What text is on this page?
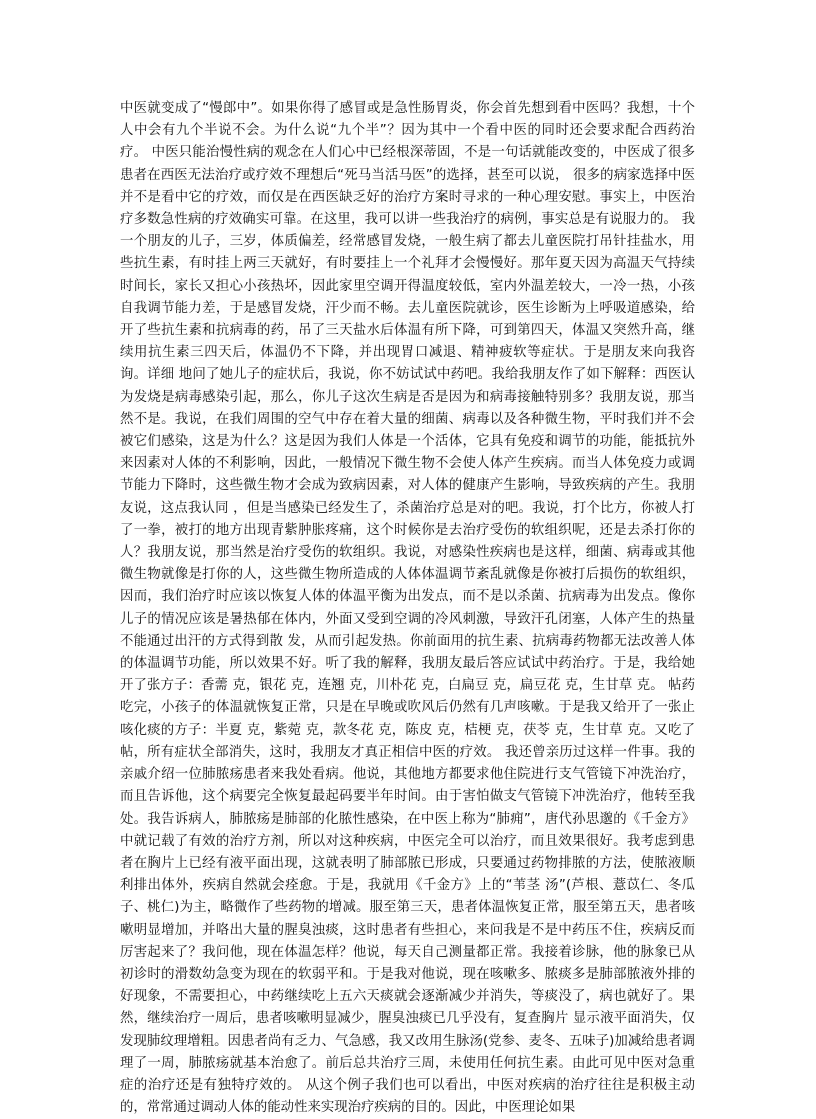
中医就变成了“慢郎中”。如果你得了感冒或是急性肠胃炎，你会首先想到看中医吗？我想，十个人中会有九个半说不会。为什么说“九个半”？因为其中一个看中医的同时还会要求配合西药治疗。 中医只能治慢性病的观念在人们心中已经根深蒂固，不是一句话就能改变的，中医成了很多患者在西医无法治疗或疗效不理想后“死马当活马医”的选择，甚至可以说， 很多的病家选择中医并不是看中它的疗效，而仅是在西医缺乏好的治疗方案时寻求的一种心理安慰。事实上，中医治疗多数急性病的疗效确实可靠。在这里，我可以讲一些我治疗的病例，事实总是有说服力的。 我一个朋友的儿子，三岁，体质偏差，经常感冒发烧，一般生病了都去儿童医院打吊针挂盐水，用些抗生素，有时挂上两三天就好，有时要挂上一个礼拜才会慢慢好。那年夏天因为高温天气持续时间长，家长又担心小孩热坏，因此家里空调开得温度较低，室内外温差较大，一冷一热，小孩自我调节能力差，于是感冒发烧，汗少而不畅。去儿童医院就诊，医生诊断为上呼吸道感染，给开了些抗生素和抗病毒的药，吊了三天盐水后体温有所下降，可到第四天，体温又突然升高，继续用抗生素三四天后，体温仍不下降，并出现胃口减退、精神疲软等症状。于是朋友来向我咨询。详细 地问了她儿子的症状后，我说，你不妨试试中药吧。我给我朋友作了如下解释：西医认为发烧是病毒感染引起，那么，你儿子这次生病是否是因为和病毒接触特别多？我朋友说，那当然不是。我说，在我们周围的空气中存在着大量的细菌、病毒以及各种微生物，平时我们并不会被它们感染，这是为什么？这是因为我们人体是一个活体，它具有免疫和调节的功能，能抵抗外来因素对人体的不利影响，因此，一般情况下微生物不会使人体产生疾病。而当人体免疫力或调节能力下降时，这些微生物才会成为致病因素，对人体的健康产生影响，导致疾病的产生。我朋友说，这点我认同 ，但是当感染已经发生了，杀菌治疗总是对的吧。我说，打个比方，你被人打了一拳，被打的地方出现青紫肿胀疼痛，这个时候你是去治疗受伤的软组织呢，还是去杀打你的人？我朋友说，那当然是治疗受伤的软组织。我说，对感染性疾病也是这样，细菌、病毒或其他微生物就像是打你的人，这些微生物所造成的人体体温调节紊乱就像是你被打后损伤的软组织，因而，我们治疗时应该以恢复人体的体温平衡为出发点，而不是以杀菌、抗病毒为出发点。像你儿子的情况应该是暑热郁在体内，外面又受到空调的冷风刺激，导致汗孔闭塞，人体产生的热量不能通过出汗的方式得到散 发，从而引起发热。你前面用的抗生素、抗病毒药物都无法改善人体的体温调节功能，所以效果不好。听了我的解释，我朋友最后答应试试中药治疗。于是，我给她开了张方子：香薷 克，银花 克，连翘 克，川朴花 克，白扁豆 克，扁豆花 克，生甘草 克。 帖药吃完，小孩子的体温就恢复正常，只是在早晚或吹风后仍然有几声咳嗽。于是我又给开了一张止咳化痰的方子：半夏 克，紫菀 克，款冬花 克，陈皮 克，桔梗 克，茯苓 克，生甘草 克。又吃了 帖，所有症状全部消失，这时，我朋友才真正相信中医的疗效。 我还曾亲历过这样一件事。我的亲戚介绍一位肺脓疡患者来我处看病。他说，其他地方都要求他住院进行支气管镜下冲洗治疗，而且告诉他，这个病要完全恢复最起码要半年时间。由于害怕做支气管镜下冲洗治疗，他转至我处。我告诉病人，肺脓疡是肺部的化脓性感染，在中医上称为“肺痈”，唐代孙思邈的《千金方》中就记载了有效的治疗方剂，所以对这种疾病，中医完全可以治疗，而且效果很好。我考虑到患者在胸片上已经有液平面出现，这就表明了肺部脓已形成，只要通过药物排脓的方法，使脓液顺利排出体外，疾病自然就会痊愈。于是，我就用《千金方》上的“苇茎 汤”(芦根、薏苡仁、冬瓜子、桃仁)为主，略微作了些药物的增减。服至第三天，患者体温恢复正常，服至第五天，患者咳嗽明显增加，并咯出大量的腥臭浊痰，这时患者有些担心，来问我是不是中药压不住，疾病反而厉害起来了？我问他，现在体温怎样？他说，每天自己测量都正常。我接着诊脉，他的脉象已从初诊时的滑数幼急变为现在的软弱平和。于是我对他说，现在咳嗽多、脓痰多是肺部脓液外排的好现象，不需要担心，中药继续吃上五六天痰就会逐渐减少并消失，等痰没了，病也就好了。果然，继续治疗一周后，患者咳嗽明显减少，腥臭浊痰已几乎没有，复查胸片 显示液平面消失，仅发现肺纹理增粗。因患者尚有乏力、气急感，我又改用生脉汤(党参、麦冬、五味子)加减给患者调理了一周，肺脓疡就基本治愈了。前后总共治疗三周，未使用任何抗生素。由此可见中医对急重症的治疗还是有独特疗效的。 从这个例子我们也可以看出，中医对疾病的治疗往往是积极主动的，常常通过调动人体的能动性来实现治疗疾病的目的。因此，中医理论如果
